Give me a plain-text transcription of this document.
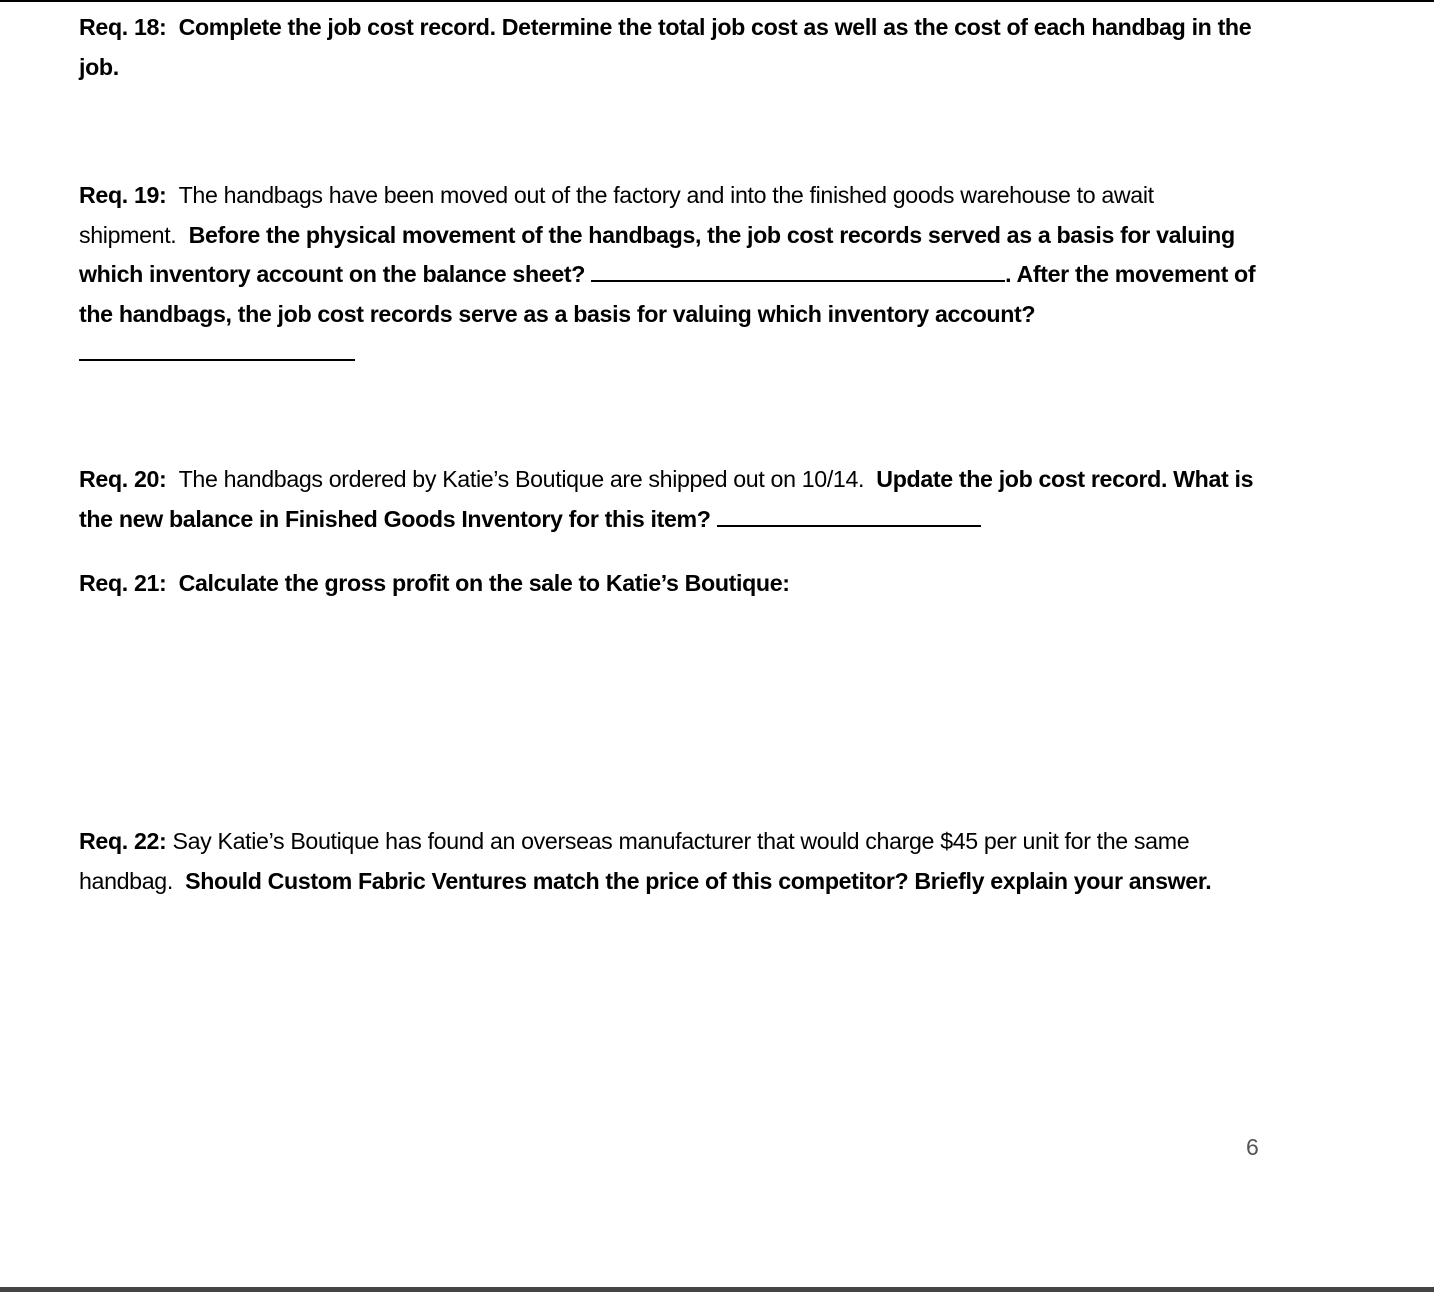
Req. 18: Complete the job cost record. Determine the total job cost as well as the cost of each handbag in the job.
Req. 19: The handbags have been moved out of the factory and into the finished goods warehouse to await shipment. Before the physical movement of the handbags, the job cost records served as a basis for valuing which inventory account on the balance sheet?	. After the movement of the handbags, the job cost records serve as a basis for valuing which inventory account?
Req. 20: The handbags ordered by Katie’s Boutique are shipped out on 10/14. Update the job cost record. What is the new balance in Finished Goods Inventory for this item?
Req. 21: Calculate the gross profit on the sale to Katie’s Boutique:
Req. 22: Say Katie’s Boutique has found an overseas manufacturer that would charge $45 per unit for the same handbag. Should Custom Fabric Ventures match the price of this competitor? Briefly explain your answer.
6
